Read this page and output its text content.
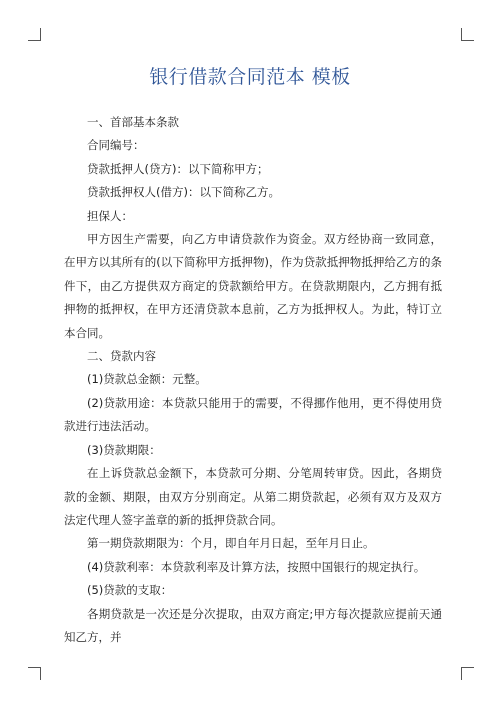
银行借款合同范本 模板

一、首部基本条款

合同编号：

贷款抵押人(贷方)：以下简称甲方；

贷款抵押权人(借方)：以下简称乙方。

担保人：

甲方因生产需要，向乙方申请贷款作为资金。双方经协商一致同意，在甲方以其所有的(以下简称甲方抵押物)，作为贷款抵押物抵押给乙方的条件下，由乙方提供双方商定的贷款额给甲方。在贷款期限内，乙方拥有抵押物的抵押权，在甲方还清贷款本息前，乙方为抵押权人。为此，特订立本合同。

二、贷款内容

(1)贷款总金额：元整。

(2)贷款用途：本贷款只能用于的需要，不得挪作他用，更不得使用贷款进行违法活动。

(3)贷款期限：

在上诉贷款总金额下，本贷款可分期、分笔周转审贷。因此，各期贷款的金额、期限，由双方分别商定。从第二期贷款起，必须有双方及双方法定代理人签字盖章的新的抵押贷款合同。

第一期贷款期限为：个月，即自年月日起，至年月日止。

(4)贷款利率：本贷款利率及计算方法，按照中国银行的规定执行。

(5)贷款的支取：

各期贷款是一次还是分次提取，由双方商定;甲方每次提款应提前天通知乙方，并
